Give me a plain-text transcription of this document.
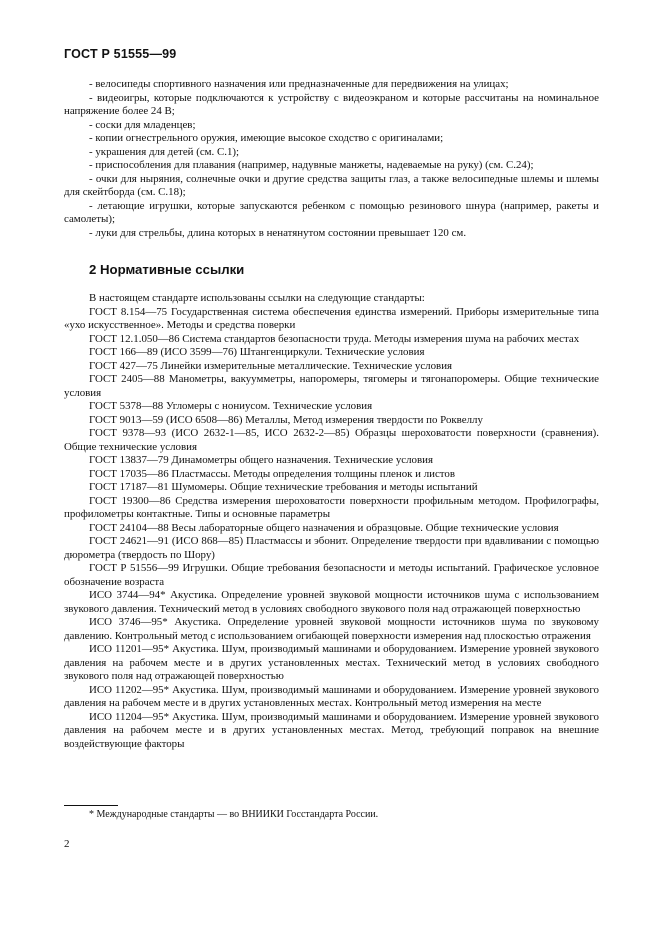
ГОСТ Р 51555—99

- велосипеды спортивного назначения или предназначенные для передвижения на улицах;

- видеоигры, которые подключаются к устройству с видеоэкраном и которые рассчитаны на номинальное напряжение более 24 В;

- соски для младенцев;

- копии огнестрельного оружия, имеющие высокое сходство с оригиналами;

- украшения для детей (см. С.1);

- приспособления для плавания (например, надувные манжеты, надеваемые на руку) (см. С.24);

- очки для ныряния, солнечные очки и другие средства защиты глаз, а также велосипедные шлемы и шлемы для скейтборда (см. С.18);

- летающие игрушки, которые запускаются ребенком с помощью резинового шнура (например, ракеты и самолеты);

- луки для стрельбы, длина которых в ненатянутом состоянии превышает 120 см.

2 Нормативные ссылки

В настоящем стандарте использованы ссылки на следующие стандарты:

ГОСТ 8.154—75 Государственная система обеспечения единства измерений. Приборы измерительные типа «ухо искусственное». Методы и средства поверки

ГОСТ 12.1.050—86 Система стандартов безопасности труда. Методы измерения шума на рабочих местах

ГОСТ 166—89 (ИСО 3599—76) Штангенциркули. Технические условия

ГОСТ 427—75 Линейки измерительные металлические. Технические условия

ГОСТ 2405—88 Манометры, вакуумметры, напоромеры, тягомеры и тягонапоромеры. Общие технические условия

ГОСТ 5378—88 Угломеры с нониусом. Технические условия

ГОСТ 9013—59 (ИСО 6508—86) Металлы, Метод измерения твердости по Роквеллу

ГОСТ 9378—93 (ИСО 2632-1—85, ИСО 2632-2—85) Образцы шероховатости поверхности (сравнения). Общие технические условия

ГОСТ 13837—79 Динамометры общего назначения. Технические условия

ГОСТ 17035—86 Пластмассы. Методы определения толщины пленок и листов

ГОСТ 17187—81 Шумомеры. Общие технические требования и методы испытаний

ГОСТ 19300—86 Средства измерения шероховатости поверхности профильным методом. Профилографы, профилометры контактные. Типы и основные параметры

ГОСТ 24104—88 Весы лабораторные общего назначения и образцовые. Общие технические условия

ГОСТ 24621—91 (ИСО 868—85) Пластмассы и эбонит. Определение твердости при вдавливании с помощью дюрометра (твердость по Шору)

ГОСТ Р 51556—99 Игрушки. Общие требования безопасности и методы испытаний. Графическое условное обозначение возраста

ИСО 3744—94* Акустика. Определение уровней звуковой мощности источников шума с использованием звукового давления. Технический метод в условиях свободного звукового поля над отражающей поверхностью

ИСО 3746—95* Акустика. Определение уровней звуковой мощности источников шума по звуковому давлению. Контрольный метод с использованием огибающей поверхности измерения над плоскостью отражения

ИСО 11201—95* Акустика. Шум, производимый машинами и оборудованием. Измерение уровней звукового давления на рабочем месте и в других установленных местах. Технический метод в условиях свободного звукового поля над отражающей поверхностью

ИСО 11202—95* Акустика. Шум, производимый машинами и оборудованием. Измерение уровней звукового давления на рабочем месте и в других установленных местах. Контрольный метод измерения на месте

ИСО 11204—95* Акустика. Шум, производимый машинами и оборудованием. Измерение уровней звукового давления на рабочем месте и в других установленных местах. Метод, требующий поправок на внешние воздействующие факторы

* Международные стандарты — во ВНИИКИ Госстандарта России.
2
